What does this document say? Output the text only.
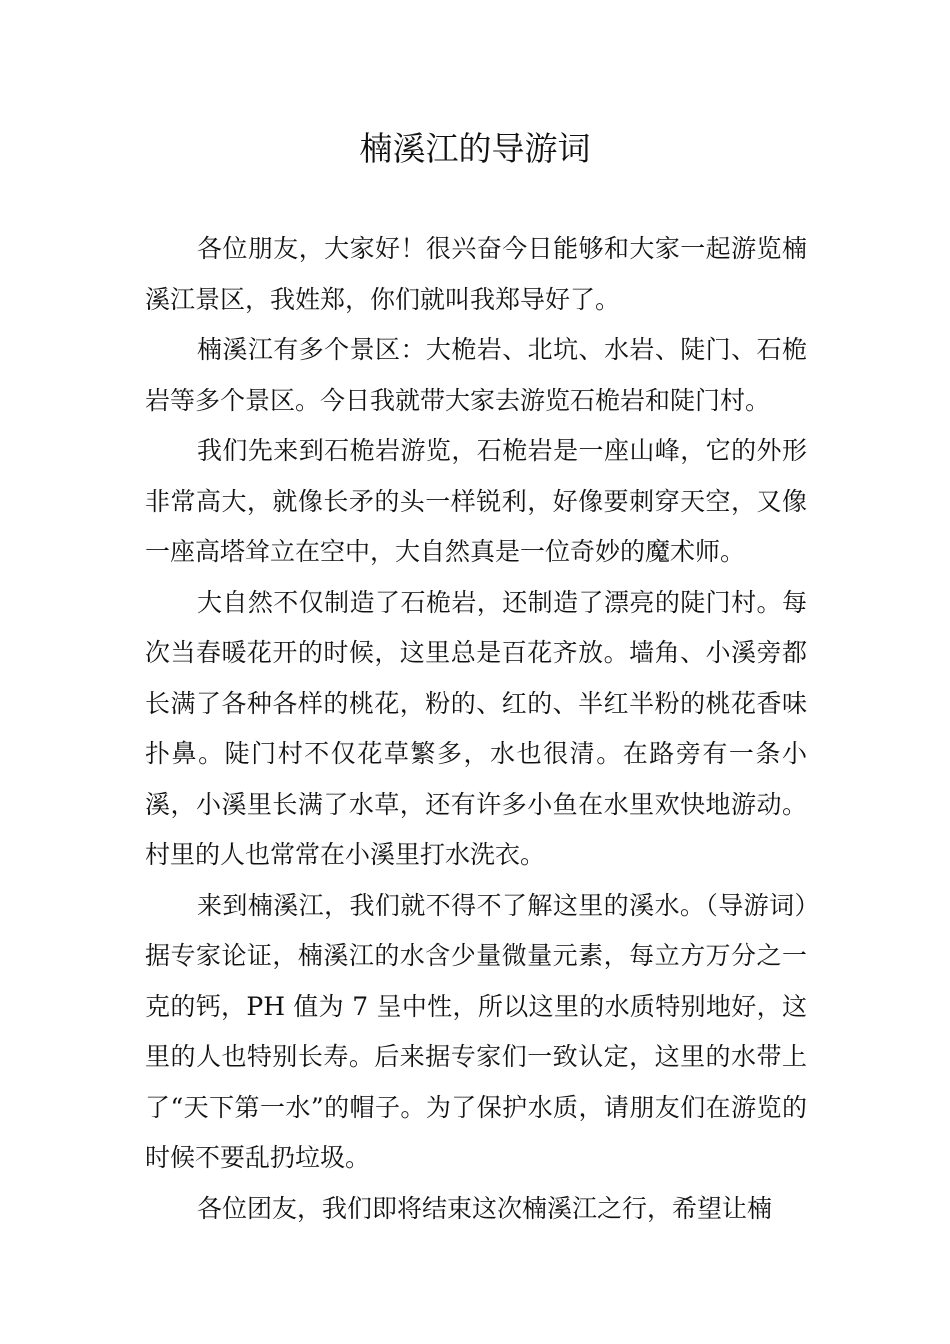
楠溪江的导游词

各位朋友，大家好！很兴奋今日能够和大家一起游览楠溪江景区，我姓郑，你们就叫我郑导好了。

楠溪江有多个景区：大桅岩、北坑、水岩、陡门、石桅岩等多个景区。今日我就带大家去游览石桅岩和陡门村。

我们先来到石桅岩游览，石桅岩是一座山峰，它的外形非常高大，就像长矛的头一样锐利，好像要刺穿天空，又像一座高塔耸立在空中，大自然真是一位奇妙的魔术师。

大自然不仅制造了石桅岩，还制造了漂亮的陡门村。每次当春暖花开的时候，这里总是百花齐放。墙角、小溪旁都长满了各种各样的桃花，粉的、红的、半红半粉的桃花香味扑鼻。陡门村不仅花草繁多，水也很清。在路旁有一条小溪，小溪里长满了水草，还有许多小鱼在水里欢快地游动。村里的人也常常在小溪里打水洗衣。

来到楠溪江，我们就不得不了解这里的溪水。（导游词）据专家论证，楠溪江的水含少量微量元素，每立方万分之一克的钙，PH 值为 7 呈中性，所以这里的水质特别地好，这里的人也特别长寿。后来据专家们一致认定，这里的水带上了“天下第一水”的帽子。为了保护水质，请朋友们在游览的时候不要乱扔垃圾。

各位团友，我们即将结束这次楠溪江之行，希望让楠
